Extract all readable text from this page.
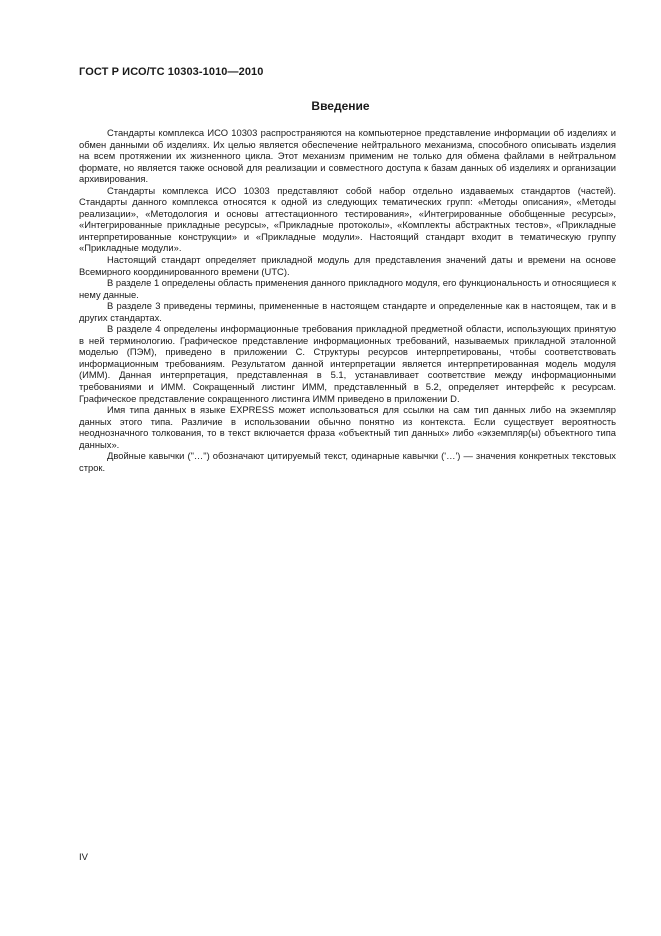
ГОСТ Р ИСО/ТС 10303-1010—2010
Введение

Стандарты комплекса ИСО 10303 распространяются на компьютерное представление информации об изделиях и обмен данными об изделиях. Их целью является обеспечение нейтрального механизма, способного описывать изделия на всем протяжении их жизненного цикла. Этот механизм применим не только для обмена файлами в нейтральном формате, но является также основой для реализации и совместного доступа к базам данных об изделиях и организации архивирования.

Стандарты комплекса ИСО 10303 представляют собой набор отдельно издаваемых стандартов (частей). Стандарты данного комплекса относятся к одной из следующих тематических групп: «Методы описания», «Методы реализации», «Методология и основы аттестационного тестирования», «Интегрированные обобщенные ресурсы», «Интегрированные прикладные ресурсы», «Прикладные протоколы», «Комплекты абстрактных тестов», «Прикладные интерпретированные конструкции» и «Прикладные модули». Настоящий стандарт входит в тематическую группу «Прикладные модули».

Настоящий стандарт определяет прикладной модуль для представления значений даты и времени на основе Всемирного координированного времени (UTC).

В разделе 1 определены область применения данного прикладного модуля, его функциональность и относящиеся к нему данные.

В разделе 3 приведены термины, примененные в настоящем стандарте и определенные как в настоящем, так и в других стандартах.

В разделе 4 определены информационные требования прикладной предметной области, использующих принятую в ней терминологию. Графическое представление информационных требований, называемых прикладной эталонной моделью (ПЭМ), приведено в приложении С. Структуры ресурсов интерпретированы, чтобы соответствовать информационным требованиям. Результатом данной интерпретации является интерпретированная модель модуля (ИММ). Данная интерпретация, представленная в 5.1, устанавливает соответствие между информационными требованиями и ИММ. Сокращенный листинг ИММ, представленный в 5.2, определяет интерфейс к ресурсам. Графическое представление сокращенного листинга ИММ приведено в приложении D.

Имя типа данных в языке EXPRESS может использоваться для ссылки на сам тип данных либо на экземпляр данных этого типа. Различие в использовании обычно понятно из контекста. Если существует вероятность неоднозначного толкования, то в текст включается фраза «объектный тип данных» либо «экземпляр(ы) объектного типа данных».

Двойные кавычки ("…") обозначают цитируемый текст, одинарные кавычки ('…') — значения конкретных текстовых строк.

IV
